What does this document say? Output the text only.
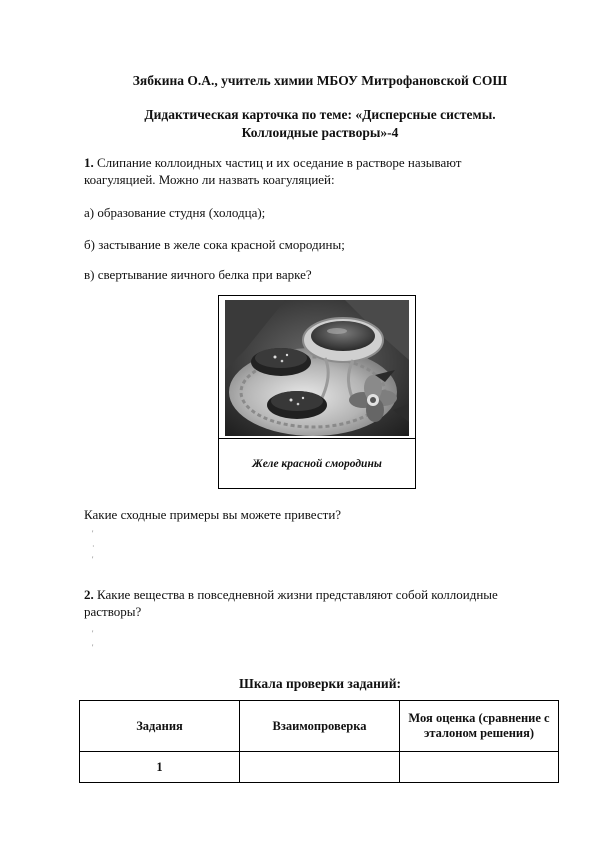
Зябкина О.А., учитель химии МБОУ Митрофановской СОШ
Дидактическая карточка по теме: «Дисперсные системы.
Коллоидные растворы»-4
1. Слипание коллоидных частиц и их оседание в растворе называют коагуляцией. Можно ли назвать коагуляцией:
а) образование студня (холодца);
б) застывание в желе сока красной смородины;
в) свертывание яичного белка при варке?
Желе красной смородины
Какие сходные примеры вы можете привести?
'
·
'
2. Какие вещества в повседневной жизни представляют собой коллоидные растворы?
'
'
Шкала проверки заданий:
Задания	Взаимопроверка	Моя оценка (сравнение с эталоном решения)
1		
